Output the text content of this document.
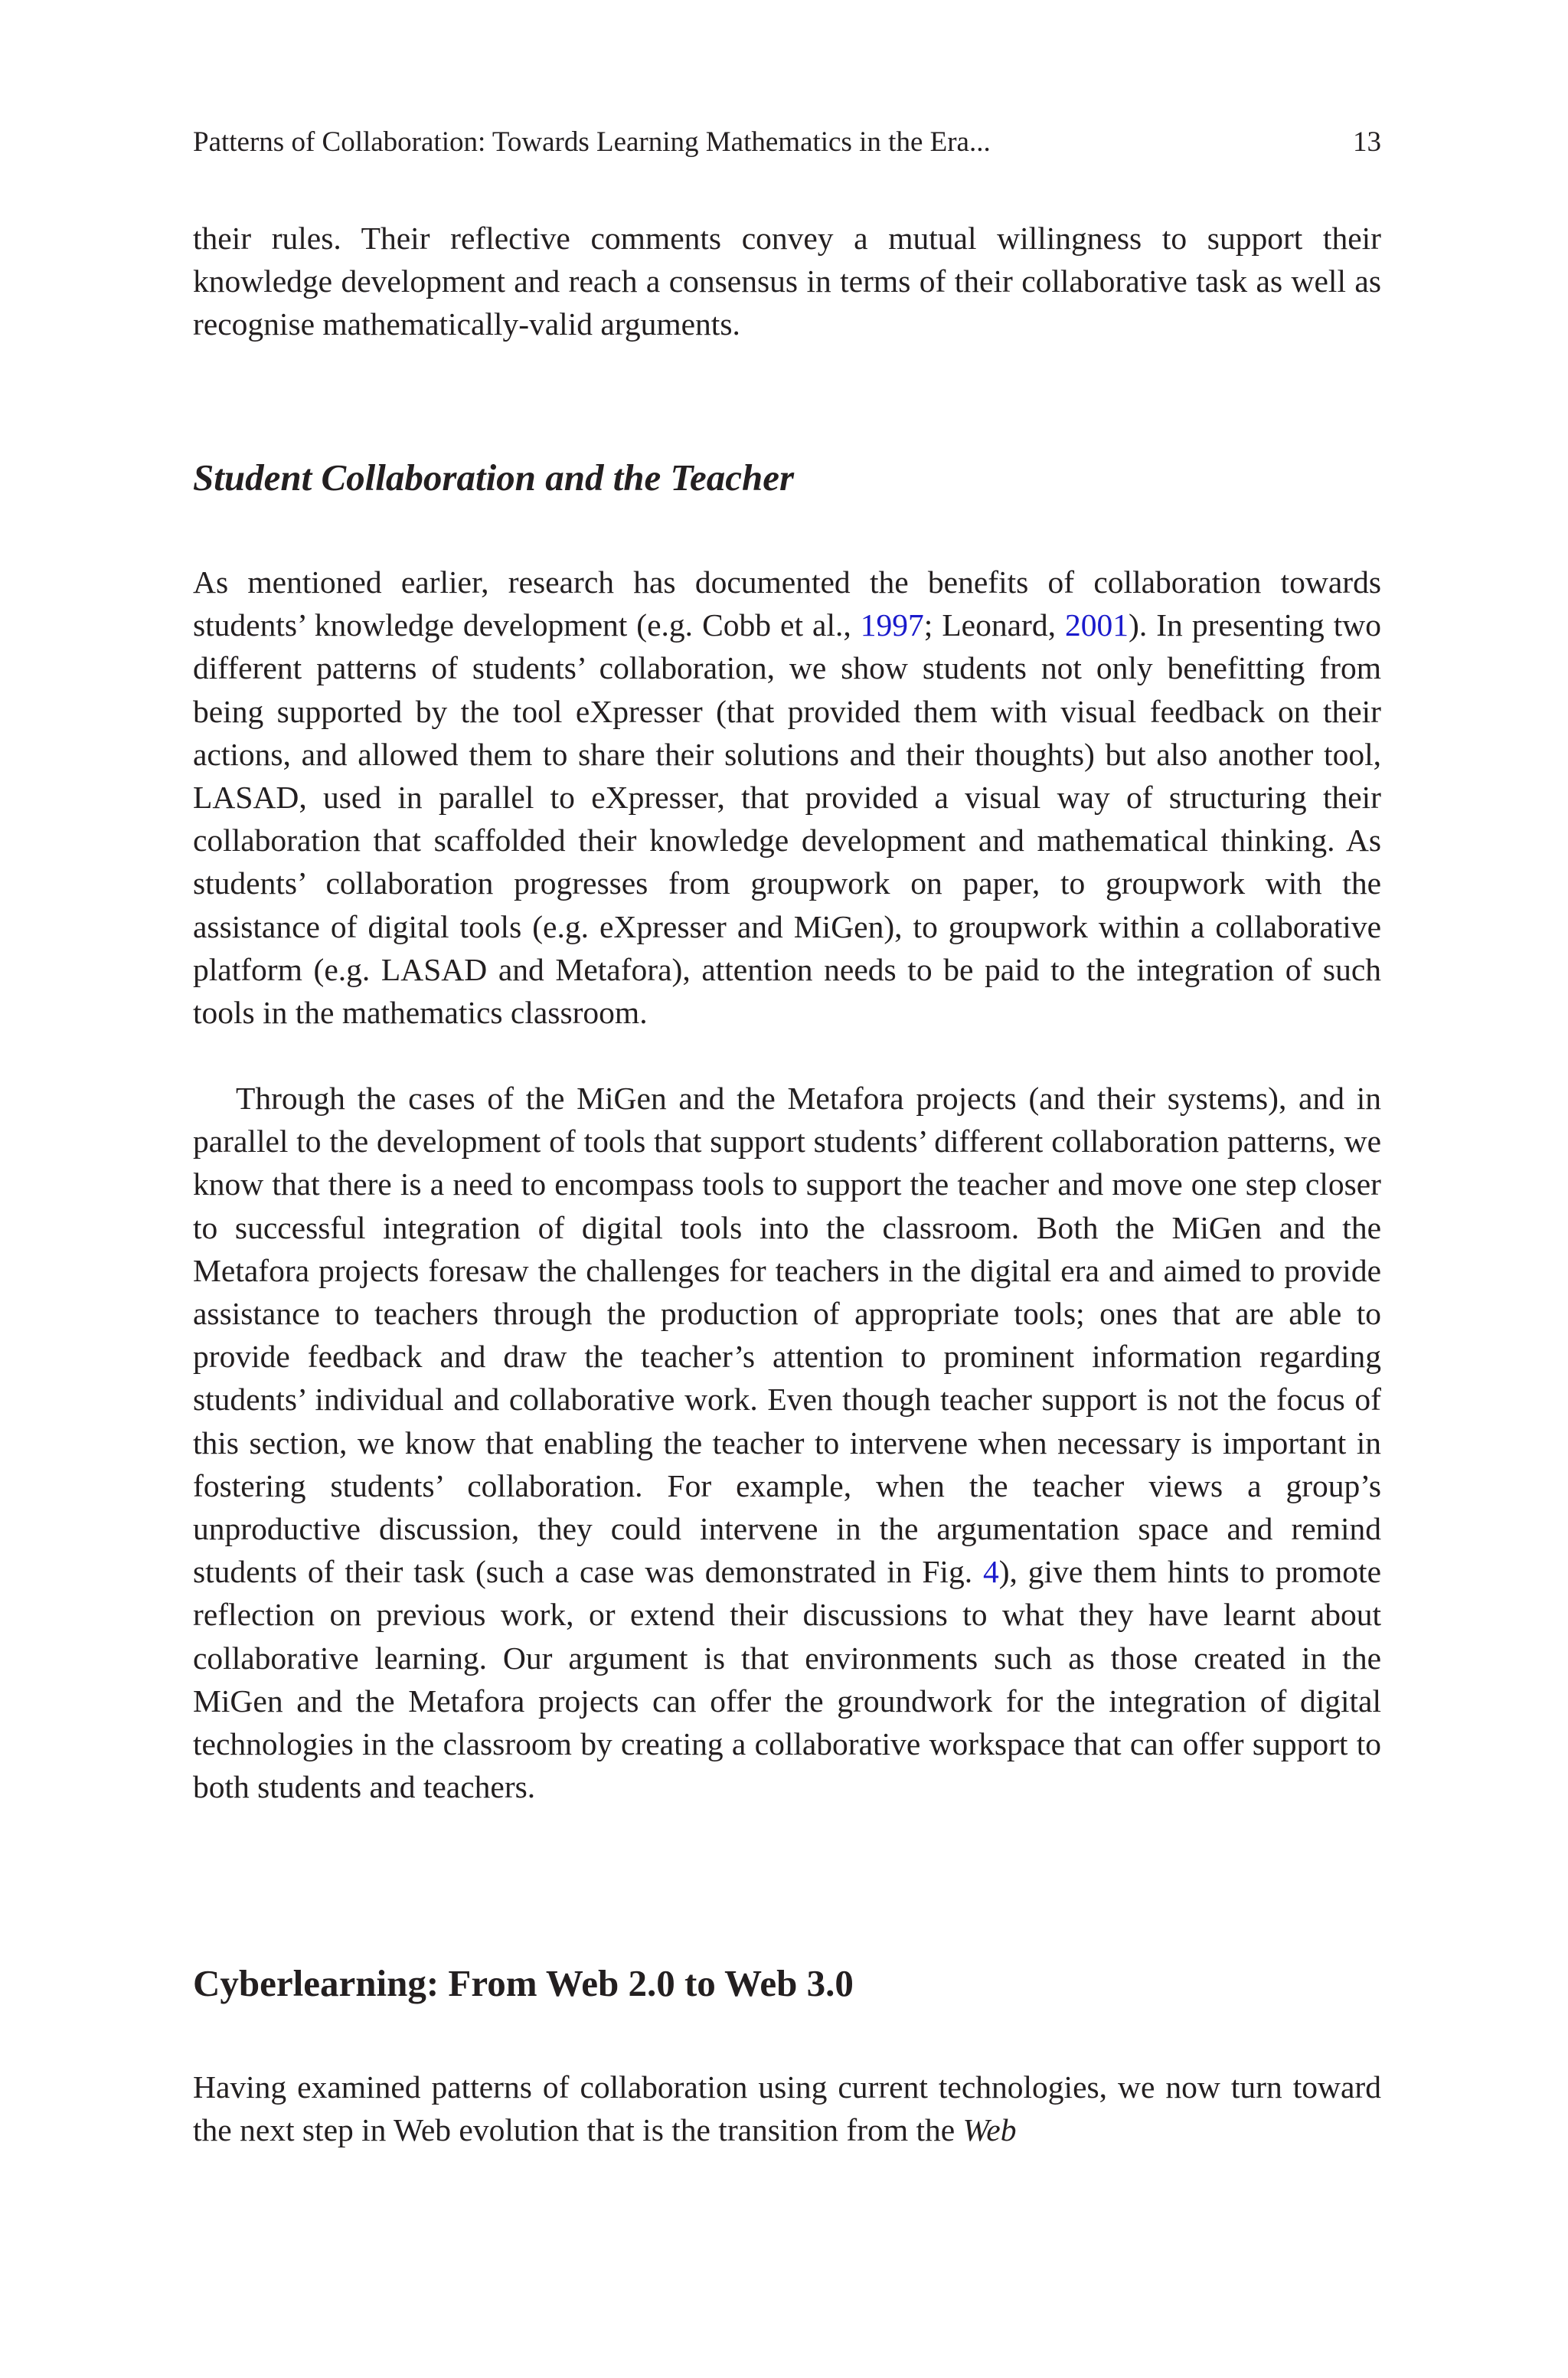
Patterns of Collaboration: Towards Learning Mathematics in the Era...	13

their rules. Their reflective comments convey a mutual willingness to support their knowledge development and reach a consensus in terms of their collaborative task as well as recognise mathematically-valid arguments.

Student Collaboration and the Teacher

As mentioned earlier, research has documented the benefits of collaboration towards students’ knowledge development (e.g. Cobb et al., 1997; Leonard, 2001). In presenting two different patterns of students’ collaboration, we show students not only benefitting from being supported by the tool eXpresser (that provided them with visual feedback on their actions, and allowed them to share their solutions and their thoughts) but also another tool, LASAD, used in parallel to eXpresser, that provided a visual way of structuring their collaboration that scaffolded their knowledge development and mathematical thinking. As students’ collaboration progresses from groupwork on paper, to groupwork with the assistance of digital tools (e.g. eXpresser and MiGen), to groupwork within a collaborative platform (e.g. LASAD and Metafora), attention needs to be paid to the integration of such tools in the mathematics classroom.

Through the cases of the MiGen and the Metafora projects (and their systems), and in parallel to the development of tools that support students’ different collaboration patterns, we know that there is a need to encompass tools to support the teacher and move one step closer to successful integration of digital tools into the classroom. Both the MiGen and the Metafora projects foresaw the challenges for teachers in the digital era and aimed to provide assistance to teachers through the production of appropriate tools; ones that are able to provide feedback and draw the teacher’s attention to prominent information regarding students’ individual and collaborative work. Even though teacher support is not the focus of this section, we know that enabling the teacher to intervene when necessary is important in fostering students’ collaboration. For example, when the teacher views a group’s unproductive discussion, they could intervene in the argumentation space and remind students of their task (such a case was demonstrated in Fig. 4), give them hints to promote reflection on previous work, or extend their discussions to what they have learnt about collaborative learning. Our argument is that environments such as those created in the MiGen and the Metafora projects can offer the groundwork for the integration of digital technologies in the classroom by creating a collaborative workspace that can offer support to both students and teachers.

Cyberlearning: From Web 2.0 to Web 3.0

Having examined patterns of collaboration using current technologies, we now turn toward the next step in Web evolution that is the transition from the Web
